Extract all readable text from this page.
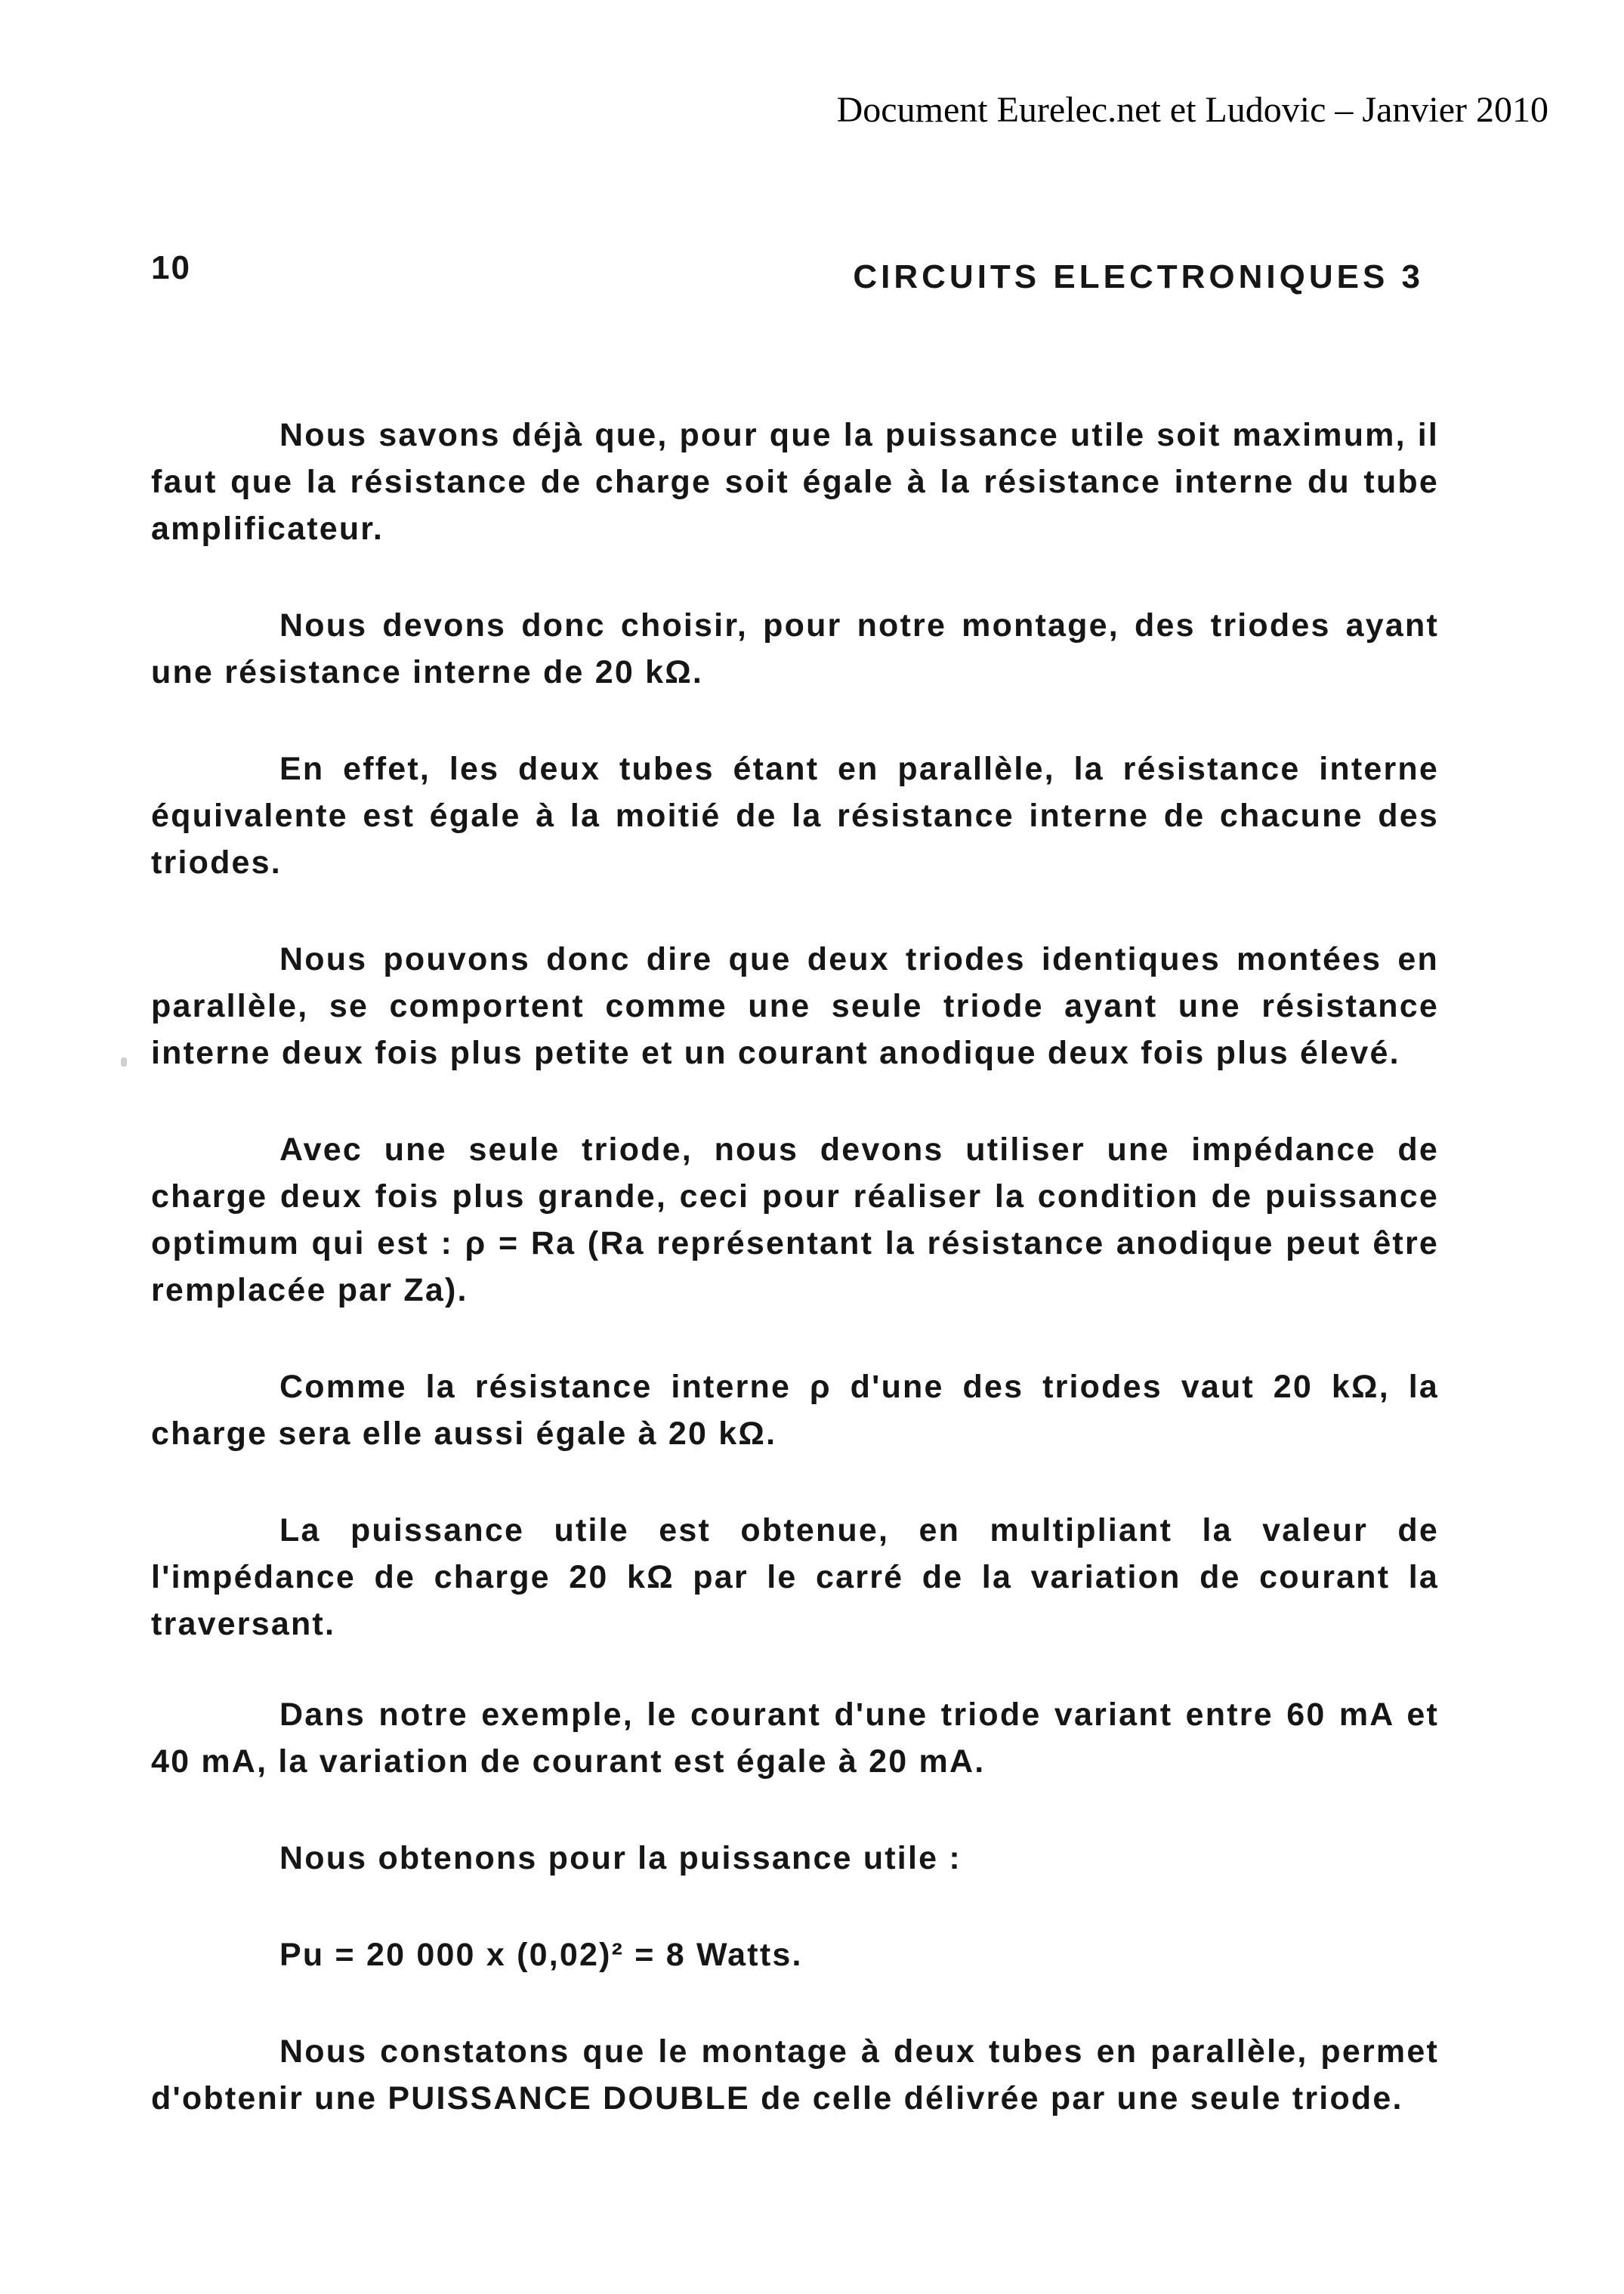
Document Eurelec.net et Ludovic – Janvier 2010
10	CIRCUITS ELECTRONIQUES 3

Nous savons déjà que, pour que la puissance utile soit maximum, il faut que la résistance de charge soit égale à la résistance interne du tube amplificateur.

Nous devons donc choisir, pour notre montage, des triodes ayant une résistance interne de 20 kΩ.

En effet, les deux tubes étant en parallèle, la résistance interne équivalente est égale à la moitié de la résistance interne de chacune des triodes.

Nous pouvons donc dire que deux triodes identiques montées en parallèle, se comportent comme une seule triode ayant une résistance interne deux fois plus petite et un courant anodique deux fois plus élevé.

Avec une seule triode, nous devons utiliser une impédance de charge deux fois plus grande, ceci pour réaliser la condition de puissance optimum qui est : ρ = Ra (Ra représentant la résistance anodique peut être remplacée par Za).

Comme la résistance interne ρ d'une des triodes vaut 20 kΩ, la charge sera elle aussi égale à 20 kΩ.

La puissance utile est obtenue, en multipliant la valeur de l'impédance de charge 20 kΩ par le carré de la variation de courant la traversant.

Dans notre exemple, le courant d'une triode variant entre 60 mA et 40 mA, la variation de courant est égale à 20 mA.

Nous obtenons pour la puissance utile :

Pu = 20 000 x (0,02)² = 8 Watts.

Nous constatons que le montage à deux tubes en parallèle, permet d'obtenir une PUISSANCE DOUBLE de celle délivrée par une seule triode.
